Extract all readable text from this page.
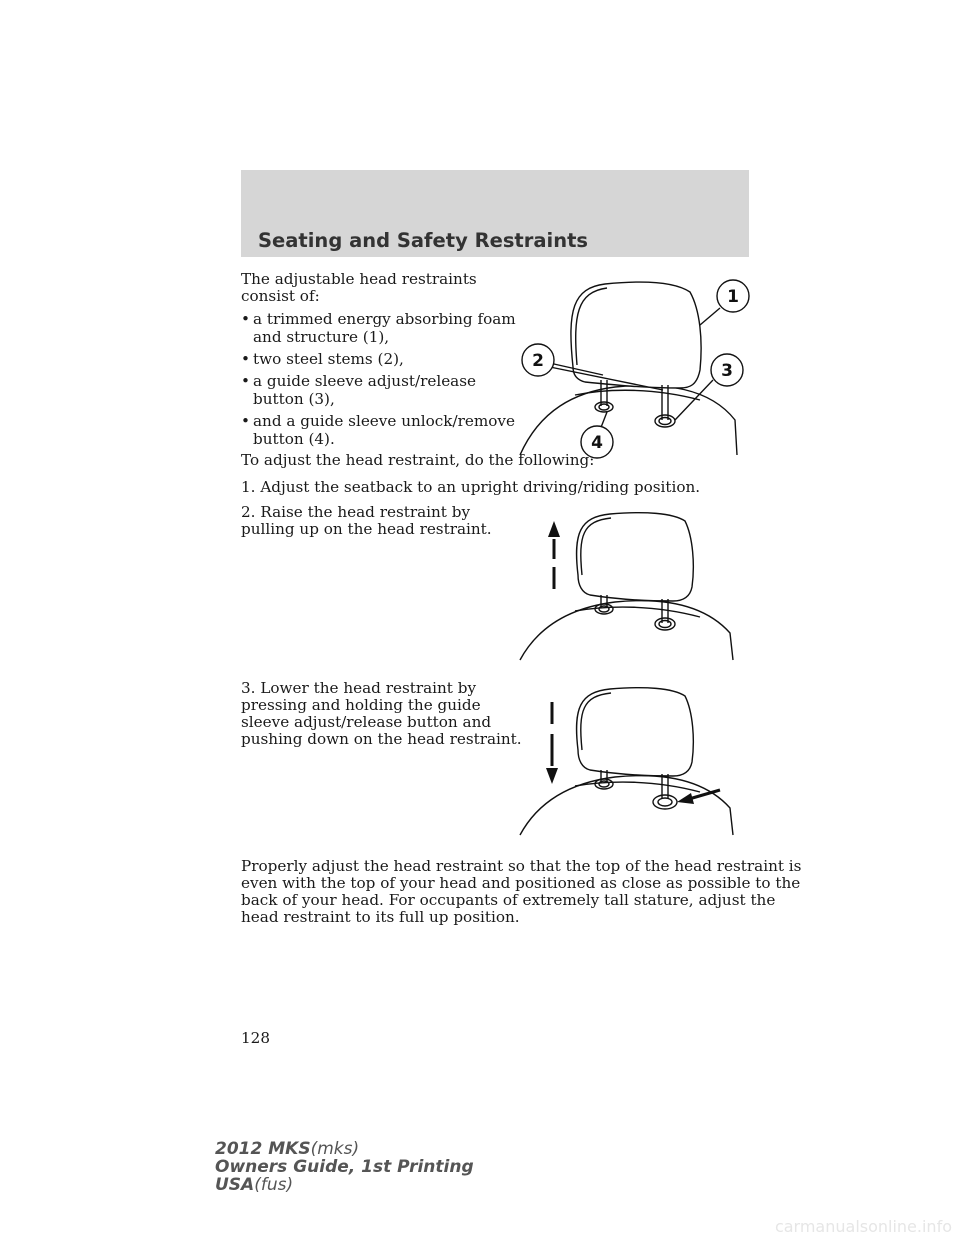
Seating and Safety Restraints
The adjustable head restraints
consist of:
• a trimmed energy absorbing foam
and structure (1),
• two steel stems (2),
• a guide sleeve adjust/release
button (3),
• and a guide sleeve unlock/remove
button (4).
1
2	3
4
To adjust the head restraint, do the following:
1. Adjust the seatback to an upright driving/riding position.
2. Raise the head restraint by
pulling up on the head restraint.
3. Lower the head restraint by
pressing and holding the guide
sleeve adjust/release button and
pushing down on the head restraint.
Properly adjust the head restraint so that the top of the head restraint is
even with the top of your head and positioned as close as possible to the
back of your head. For occupants of extremely tall stature, adjust the
head restraint to its full up position.
128
2012 MKS(mks)
Owners Guide, 1st Printing
USA(fus)
carmanualsonline.info
